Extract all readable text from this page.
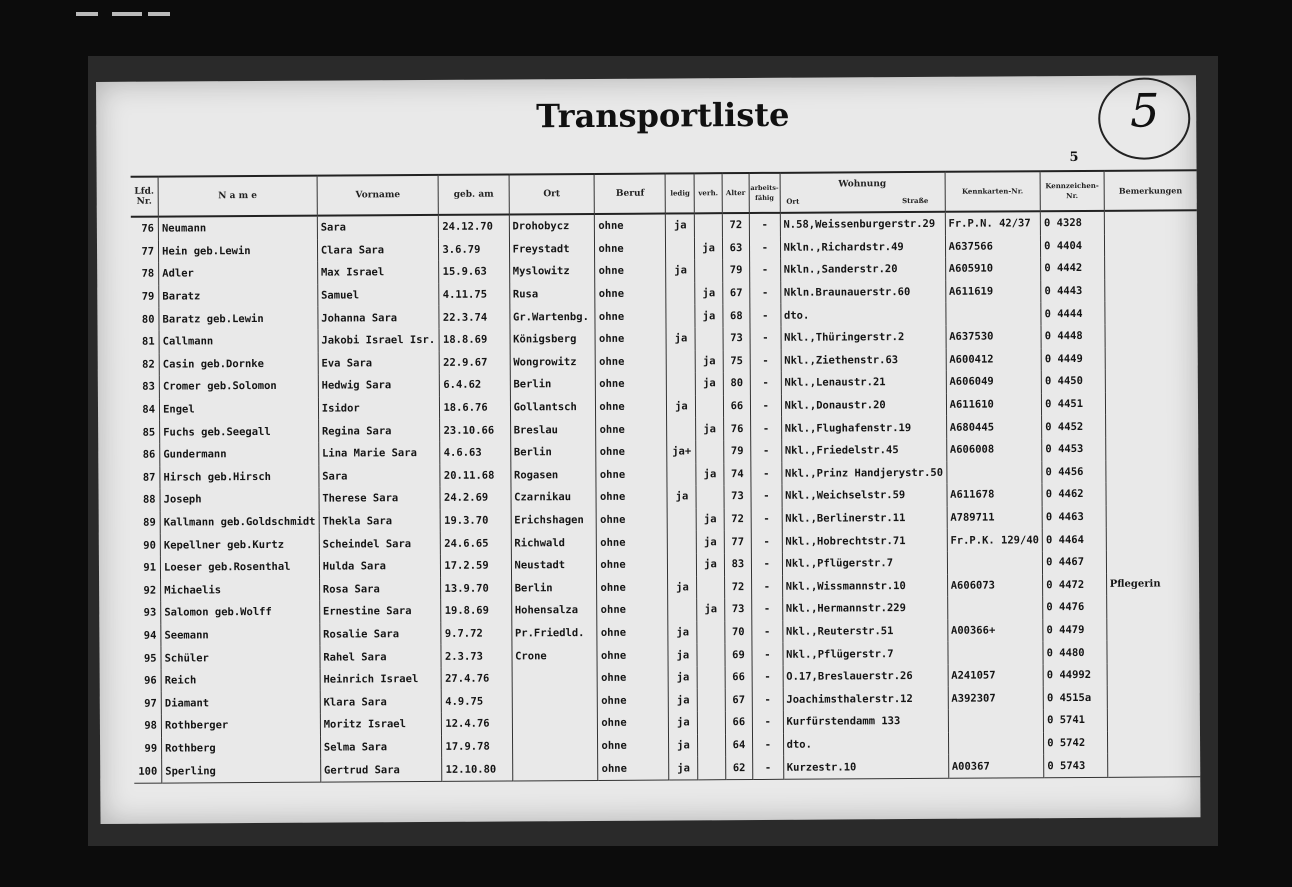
Transportliste	5
5
Lfd. Nr.	N a m e	Vorname	geb. am	Ort	Beruf	ledig	verh.	Alter	arbeits-fähig	Wohnung
Ort Straße	Kennkarten-Nr.	Kennzeichen-Nr.	Bemerkungen
76	Neumann	Sara	24.12.70	Drohobycz	ohne	ja		72	-	N.58,Weissenburgerstr.29	Fr.P.N. 42/37	0 4328	
77	Hein geb.Lewin	Clara Sara	3.6.79	Freystadt	ohne		ja	63	-	Nkln.,Richardstr.49	A637566	0 4404	
78	Adler	Max Israel	15.9.63	Myslowitz	ohne	ja		79	-	Nkln.,Sanderstr.20	A605910	0 4442	
79	Baratz	Samuel	4.11.75	Rusa	ohne		ja	67	-	Nkln.Braunauerstr.60	A611619	0 4443	
80	Baratz geb.Lewin	Johanna Sara	22.3.74	Gr.Wartenbg.	ohne		ja	68	-	dto.		0 4444	
81	Callmann	Jakobi Israel Isr.	18.8.69	Königsberg	ohne	ja		73	-	Nkl.,Thüringerstr.2	A637530	0 4448	
82	Casin geb.Dornke	Eva Sara	22.9.67	Wongrowitz	ohne		ja	75	-	Nkl.,Ziethenstr.63	A600412	0 4449	
83	Cromer geb.Solomon	Hedwig Sara	6.4.62	Berlin	ohne		ja	80	-	Nkl.,Lenaustr.21	A606049	0 4450	
84	Engel	Isidor	18.6.76	Gollantsch	ohne	ja		66	-	Nkl.,Donaustr.20	A611610	0 4451	
85	Fuchs geb.Seegall	Regina Sara	23.10.66	Breslau	ohne		ja	76	-	Nkl.,Flughafenstr.19	A680445	0 4452	
86	Gundermann	Lina Marie Sara	4.6.63	Berlin	ohne	ja+		79	-	Nkl.,Friedelstr.45	A606008	0 4453	
87	Hirsch geb.Hirsch	Sara	20.11.68	Rogasen	ohne		ja	74	-	Nkl.,Prinz Handjerystr.50		0 4456	
88	Joseph	Therese Sara	24.2.69	Czarnikau	ohne	ja		73	-	Nkl.,Weichselstr.59	A611678	0 4462	
89	Kallmann geb.Goldschmidt	Thekla Sara	19.3.70	Erichshagen	ohne		ja	72	-	Nkl.,Berlinerstr.11	A789711	0 4463	
90	Kepellner geb.Kurtz	Scheindel Sara	24.6.65	Richwald	ohne		ja	77	-	Nkl.,Hobrechtstr.71	Fr.P.K. 129/40	0 4464	
91	Loeser geb.Rosenthal	Hulda Sara	17.2.59	Neustadt	ohne		ja	83	-	Nkl.,Pflügerstr.7		0 4467	
92	Michaelis	Rosa Sara	13.9.70	Berlin	ohne	ja		72	-	Nkl.,Wissmannstr.10	A606073	0 4472	Pflegerin
93	Salomon geb.Wolff	Ernestine Sara	19.8.69	Hohensalza	ohne		ja	73	-	Nkl.,Hermannstr.229		0 4476	
94	Seemann	Rosalie Sara	9.7.72	Pr.Friedld.	ohne	ja		70	-	Nkl.,Reuterstr.51	A00366+	0 4479	
95	Schüler	Rahel Sara	2.3.73	Crone	ohne	ja		69	-	Nkl.,Pflügerstr.7		0 4480	
96	Reich	Heinrich Israel	27.4.76		ohne	ja		66	-	O.17,Breslauerstr.26	A241057	0 44992	
97	Diamant	Klara Sara	4.9.75		ohne	ja		67	-	Joachimsthalerstr.12	A392307	0 4515a	
98	Rothberger	Moritz Israel	12.4.76		ohne	ja		66	-	Kurfürstendamm 133		0 5741	
99	Rothberg	Selma Sara	17.9.78		ohne	ja		64	-	dto.		0 5742	
100	Sperling	Gertrud Sara	12.10.80		ohne	ja		62	-	Kurzestr.10	A00367	0 5743	
